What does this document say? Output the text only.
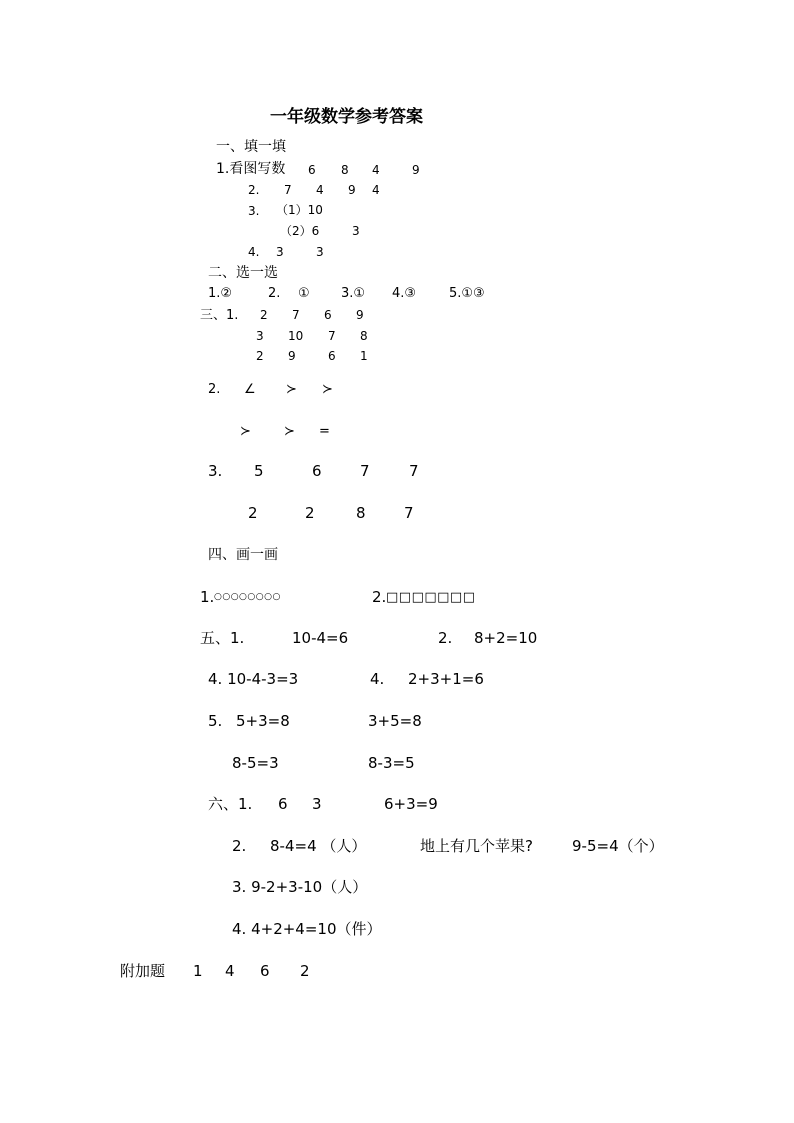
一年级数学参考答案
一、填一填
1.看图写数 6 8 4	9
2. 7 4 9 4
3. （1）10
（2）6	3
4. 3	3
二、选一选
1.②	2. ① 3.① 4.③	5.①③
三、1. 2 7 6 9
3 10 7 8
2 9	6 1
2. ∠ ≻ ≻
≻	≻ =
3. 5	6	7	7
2	2	8	7
四、画一画
1. ○○○○○○○○	2. □□□□□□□
五、1.	10-4=6	2. 8+2=10
4. 10-4-3=3	4. 2+3+1=6
5. 5+3=8	3+5=8
8-5=3	8-3=5
六、1. 6 3	6+3=9
2. 8-4=4 （人）	地上有几个苹果?	9-5=4（个）
3. 9-2+3-10（人）
4. 4+2+4=10（件）
附加题 1 4 6 2
